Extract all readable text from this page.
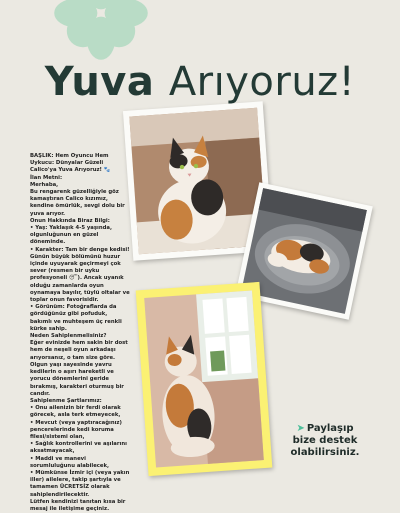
Yuva Arıyoruz!
BAŞLIK: Hem Oyuncu Hem Uykucu: Dünyalar Güzeli Calico'ya Yuva Arıyoruz! 🐾
İlan Metni:
Merhaba,
Bu rengarenk güzelliğiyle göz kamaştıran Calico kızımız, kendine ömürlük, sevgi dolu bir yuva arıyor.
Onun Hakkında Biraz Bilgi:
• Yaş: Yaklaşık 4-5 yaşında, olgunluğunun en güzel döneminde.
• Karakter: Tam bir denge kedisi! Günün büyük bölümünü huzur içinde uyuyarak geçirmeyi çok sever (resmen bir uyku profesyoneli 😴). Ancak uyanık olduğu zamanlarda oyun oynamaya bayılır, tüylü oltalar ve toplar onun favorisidir.
• Görünüm: Fotoğraflarda da gördüğünüz gibi pofuduk, bakımlı ve muhteşem üç renkli kürke sahip.
Neden Sahiplenmelisiniz?
Eğer evinizde hem sakin bir dost hem de neşeli oyun arkadaşı arıyorsanız, o tam size göre. Olgun yaşı sayesinde yavru kedilerin o aşırı hareketli ve yorucu dönemlerini geride bırakmış, karakteri oturmuş bir candır.
Sahiplenme Şartlarımız:
• Onu ailenizin bir ferdi olarak görecek, asla terk etmeyecek,
• Mevcut (veya yaptıracağınız) pencerelerinde kedi koruma filesi/sistemi olan,
• Sağlık kontrollerini ve aşılarını aksatmayacak,
• Maddi ve manevi sorumluluğunu alabilecek,
• Mümkünse İzmir içi (veya yakın iller) ailelere, takip şartıyla ve tamamen ÜCRETSİZ olarak sahiplendirilecektir.
Lütfen kendinizi tanıtan kısa bir mesaj ile iletişime geçiniz.
➤ Paylaşıp
bize destek
olabilirsiniz.
